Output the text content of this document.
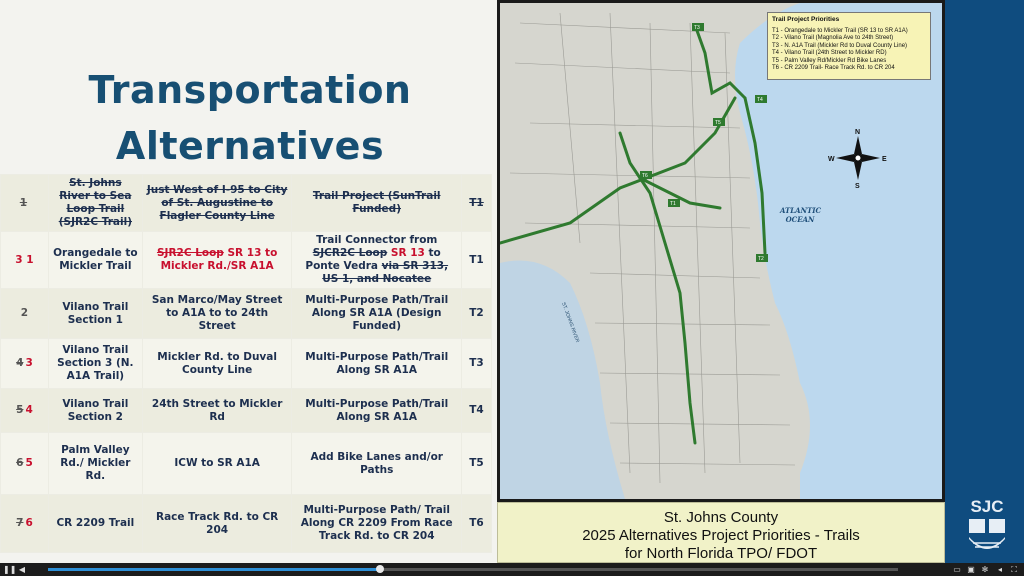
Transportation
Alternatives
1	St. Johns River to Sea Loop Trail (SJR2C Trail)	Just West of I-95 to City of St. Augustine to Flagler County Line	Trail Project (SunTrail Funded)	T1
3 1	Orangedale to Mickler Trail	SJR2C Loop SR 13 to Mickler Rd./SR A1A	Trail Connector from SJCR2C Loop SR 13 to Ponte Vedra via SR 313, US 1, and Nocatee	T1
2	Vilano Trail Section 1	San Marco/May Street to A1A to to 24th Street	Multi-Purpose Path/Trail Along SR A1A (Design Funded)	T2
4 3	Vilano Trail Section 3 (N. A1A Trail)	Mickler Rd. to Duval County Line	Multi-Purpose Path/Trail Along SR A1A	T3
5 4	Vilano Trail Section 2	24th Street to Mickler Rd	Multi-Purpose Path/Trail Along SR A1A	T4
6 5	Palm Valley Rd./ Mickler Rd.	ICW to SR A1A	Add Bike Lanes and/or Paths	T5
7 6	CR 2209 Trail	Race Track Rd. to CR 204	Multi-Purpose Path/ Trail Along CR 2209 From Race Track Rd. to CR 204	T6
T3
T4
T5
T6
T1
T2
ST. JOHNS RIVER
Trail Project Priorities
T1 - Orangedale to Mickler Trail (SR 13 to SR A1A)
T2 - Vilano Trail (Magnolia Ave to 24th Street)
T3 - N. A1A Trail (Mickler Rd to Duval County Line)
T4 - Vilano Trail (24th Street to Mickler RD)
T5 - Palm Valley Rd/Mickler Rd Bike Lanes
T6 - CR 2209 Trail- Race Track Rd. to CR 204
N
S
W	E
ATLANTIC OCEAN
St. Johns County
2025 Alternatives Project Priorities - Trails
for North Florida TPO/ FDOT
SJC
❚❚ ◀	▭ ▣ ✻	◂	⛶
